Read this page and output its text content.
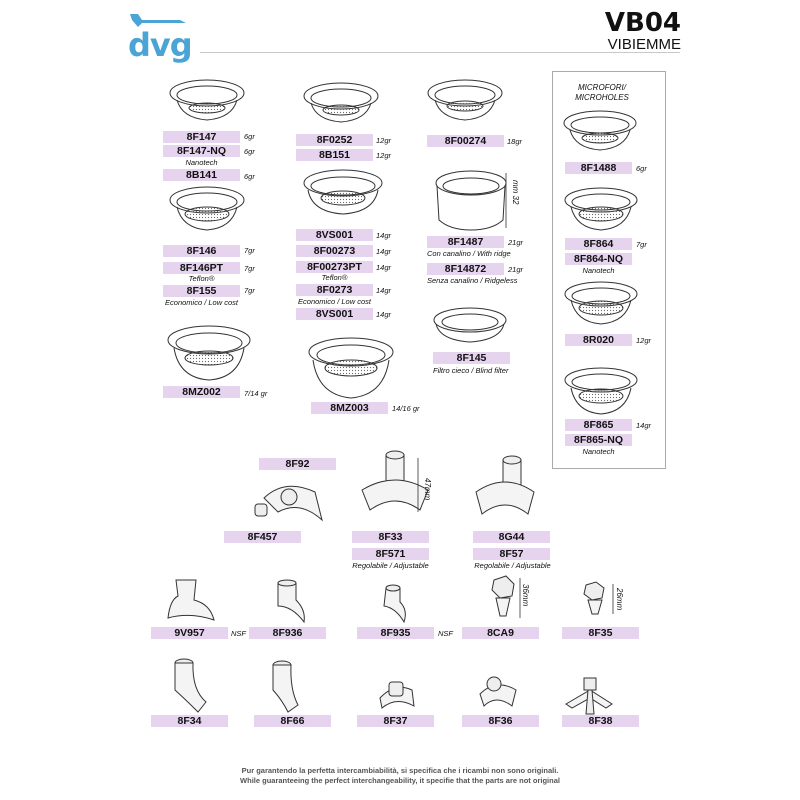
dvg
VB04
VIBIEMME
MICROFORI/
MICROHOLES
8F147	6gr
8F147-NQ	6gr
Nanotech
8B141	6gr
8F146	7gr
8F146PT	7gr
Teflon®
8F155	7gr
Economico / Low cost
8MZ002	7/14 gr
8F0252	12gr
8B151	12gr
8VS001	14gr
8F00273	14gr
8F00273PT	14gr
Teflon®
8F0273	14gr
Economico / Low cost
8VS001	14gr
8MZ003	14/16 gr
8F00274	18gr
mm 32
8F1487	21gr
Con canalino / With ridge
8F14872	21gr
Senza canalino / Ridgeless
8F145
Filtro cieco / Blind filter
8F1488	6gr
8F864	7gr
8F864-NQ
Nanotech
8R020	12gr
8F865	14gr
8F865-NQ
Nanotech
8F92
8F457
47mm
8F33
8F571
Regolabile / Adjustable
8G44
8F57
Regolabile / Adjustable
9V957	NSF	8F936	8F935	NSF
36mm
8CA9
26mm
8F35
8F34	8F66	8F37	8F36	8F38
Pur garantendo la perfetta intercambiabilità, si specifica che i ricambi non sono originali.
While guaranteeing the perfect interchangeability, it specifie that the parts are not original
